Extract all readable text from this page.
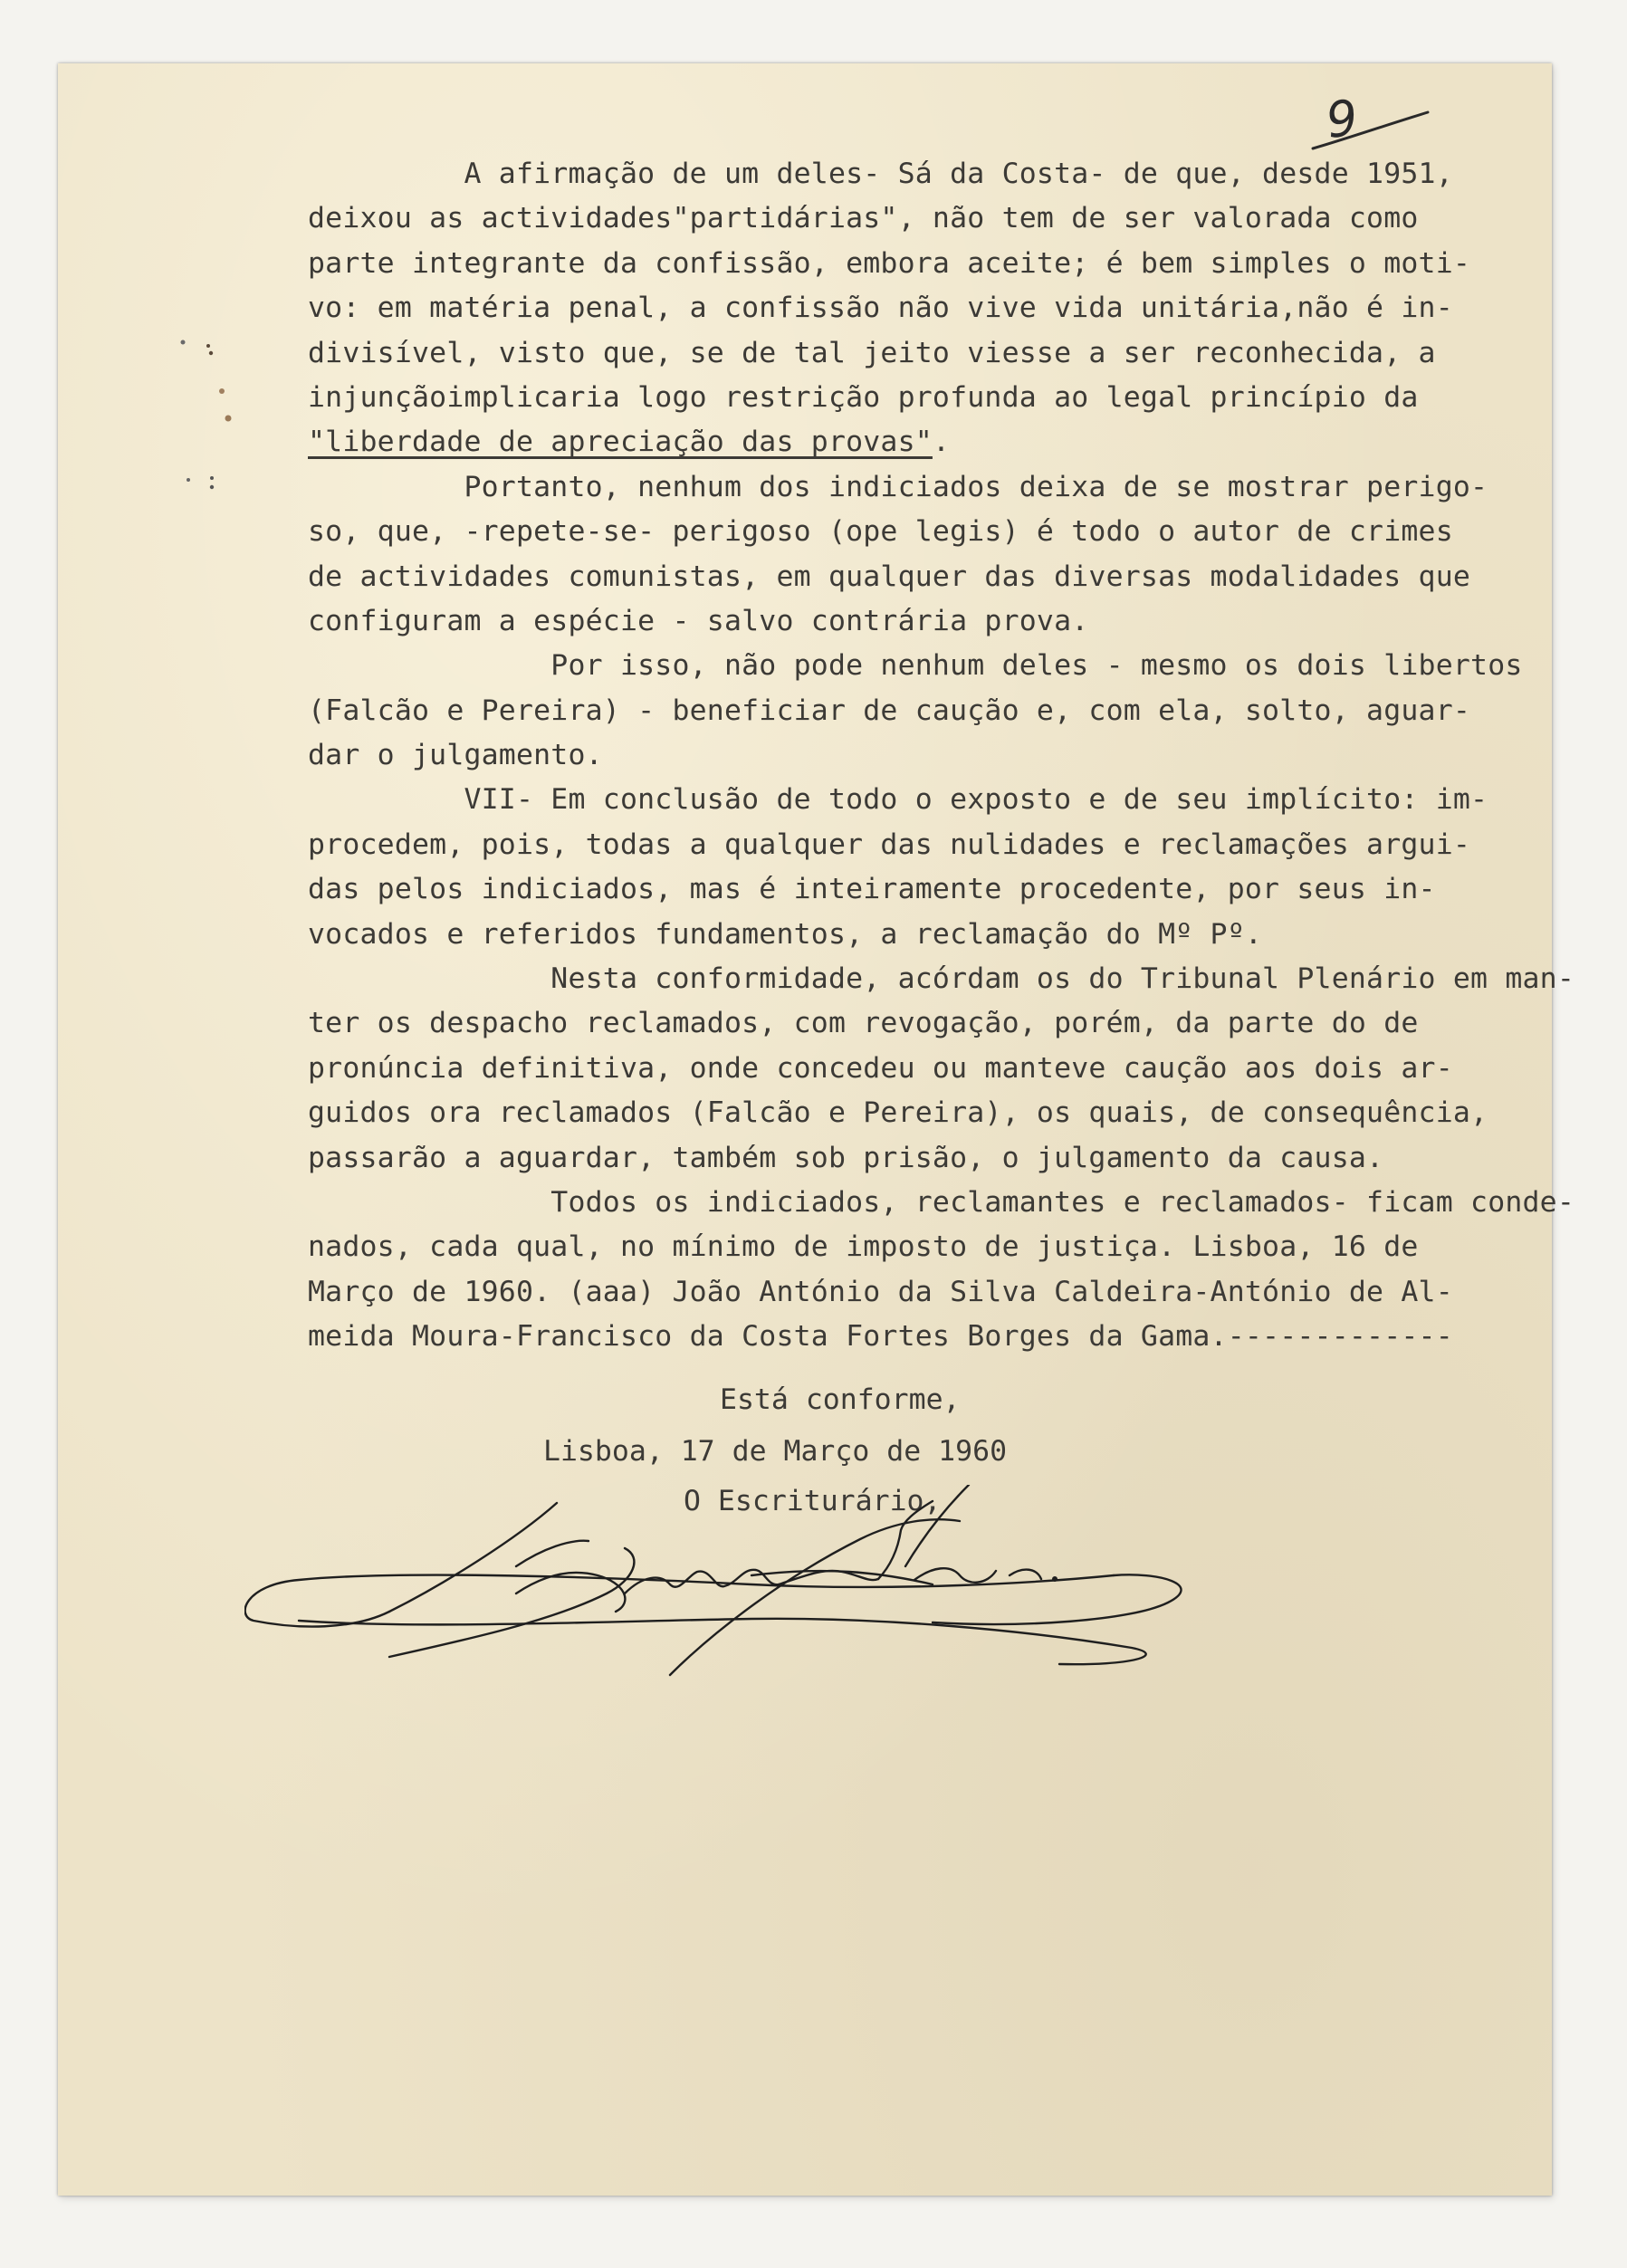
9
A afirmação de um deles- Sá da Costa- de que, desde 1951,
deixou as actividades"partidárias", não tem de ser valorada como
parte integrante da confissão, embora aceite; é bem simples o moti-
vo: em matéria penal, a confissão não vive vida unitária,não é in-
divisível, visto que, se de tal jeito viesse a ser reconhecida, a
injunçãoimplicaria logo restrição profunda ao legal princípio da
"liberdade de apreciação das provas".
Portanto, nenhum dos indiciados deixa de se mostrar perigo-
so, que, -repete-se- perigoso (ope legis) é todo o autor de crimes
de actividades comunistas, em qualquer das diversas modalidades que
configuram a espécie - salvo contrária prova.
Por isso, não pode nenhum deles - mesmo os dois libertos
(Falcão e Pereira) - beneficiar de caução e, com ela, solto, aguar-
dar o julgamento.
VII- Em conclusão de todo o exposto e de seu implícito: im-
procedem, pois, todas a qualquer das nulidades e reclamações argui-
das pelos indiciados, mas é inteiramente procedente, por seus in-
vocados e referidos fundamentos, a reclamação do Mº Pº.
Nesta conformidade, acórdam os do Tribunal Plenário em man-
ter os despacho reclamados, com revogação, porém, da parte do de
pronúncia definitiva, onde concedeu ou manteve caução aos dois ar-
guidos ora reclamados (Falcão e Pereira), os quais, de consequência,
passarão a aguardar, também sob prisão, o julgamento da causa.
Todos os indiciados, reclamantes e reclamados- ficam conde-
nados, cada qual, no mínimo de imposto de justiça. Lisboa, 16 de
Março de 1960. (aaa) João António da Silva Caldeira-António de Al-
meida Moura-Francisco da Costa Fortes Borges da Gama.-------------
Está conforme,
Lisboa, 17 de Março de 1960
O Escriturário,
